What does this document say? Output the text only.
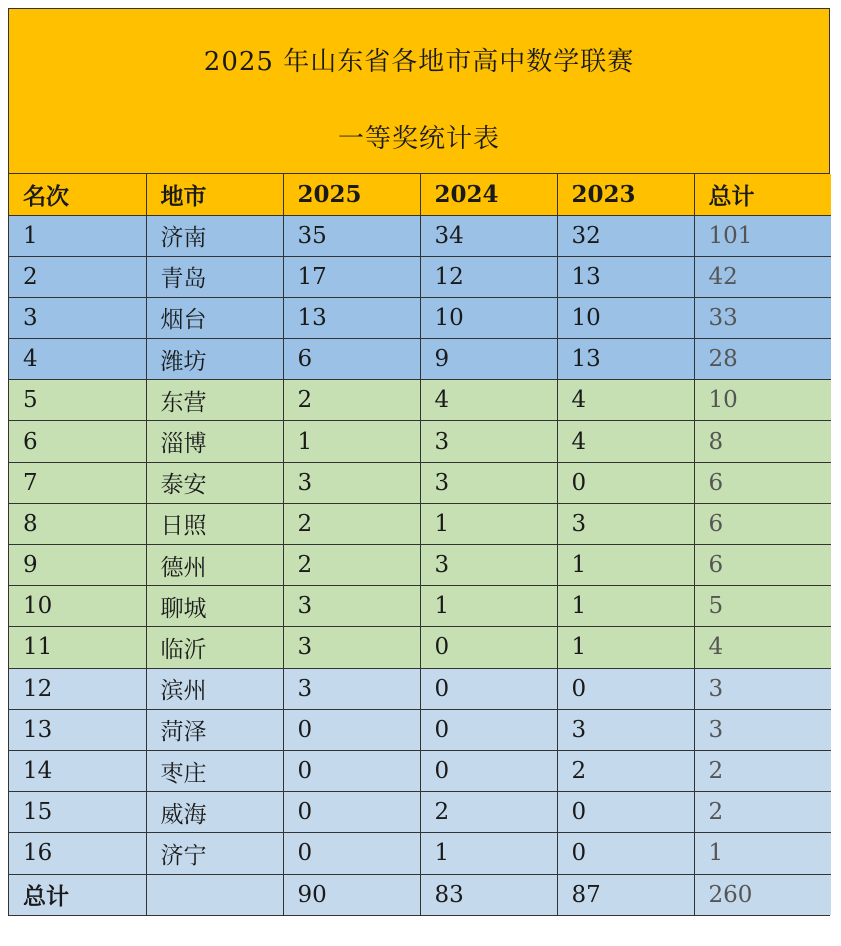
2025 年山东省各地市高中数学联赛
一等奖统计表
名次	地市	2025	2024	2023	总计
1	济南	35	34	32	101
2	青岛	17	12	13	42
3	烟台	13	10	10	33
4	潍坊	6	9	13	28
5	东营	2	4	4	10
6	淄博	1	3	4	8
7	泰安	3	3	0	6
8	日照	2	1	3	6
9	德州	2	3	1	6
10	聊城	3	1	1	5
11	临沂	3	0	1	4
12	滨州	3	0	0	3
13	菏泽	0	0	3	3
14	枣庄	0	0	2	2
15	威海	0	2	0	2
16	济宁	0	1	0	1
总计		90	83	87	260
